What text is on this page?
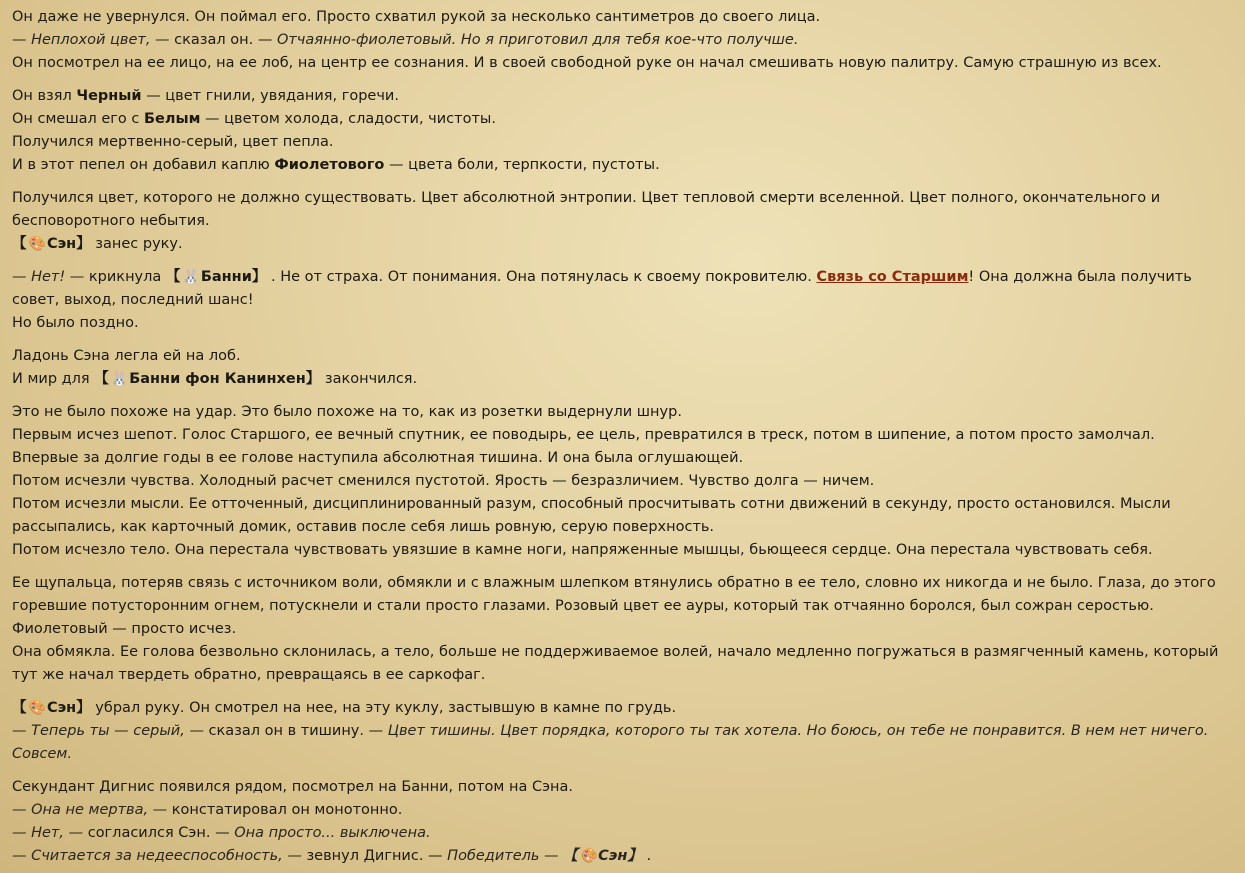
Он даже не увернулся. Он поймал его. Просто схватил рукой за несколько сантиметров до своего лица.
— Неплохой цвет, — сказал он. — Отчаянно-фиолетовый. Но я приготовил для тебя кое-что получше.
Он посмотрел на ее лицо, на ее лоб, на центр ее сознания. И в своей свободной руке он начал смешивать новую палитру. Самую страшную из всех.

Он взял Черный — цвет гнили, увядания, горечи.
Он смешал его с Белым — цветом холода, сладости, чистоты.
Получился мертвенно-серый, цвет пепла.
И в этот пепел он добавил каплю Фиолетового — цвета боли, терпкости, пустоты.

Получился цвет, которого не должно существовать. Цвет абсолютной энтропии. Цвет тепловой смерти вселенной. Цвет полного, окончательного и бесповоротного небытия.
【 🎨Сэн】 занес руку.

— Нет! — крикнула 【 🐰Банни】 . Не от страха. От понимания. Она потянулась к своему покровителю. Связь со Старшим! Она должна была получить совет, выход, последний шанс!
Но было поздно.

Ладонь Сэна легла ей на лоб.
И мир для 【 🐰Банни фон Канинхен】 закончился.

Это не было похоже на удар. Это было похоже на то, как из розетки выдернули шнур.
Первым исчез шепот. Голос Старшого, ее вечный спутник, ее поводырь, ее цель, превратился в треск, потом в шипение, а потом просто замолчал. Впервые за долгие годы в ее голове наступила абсолютная тишина. И она была оглушающей.
Потом исчезли чувства. Холодный расчет сменился пустотой. Ярость — безразличием. Чувство долга — ничем.
Потом исчезли мысли. Ее отточенный, дисциплинированный разум, способный просчитывать сотни движений в секунду, просто остановился. Мысли рассыпались, как карточный домик, оставив после себя лишь ровную, серую поверхность.
Потом исчезло тело. Она перестала чувствовать увязшие в камне ноги, напряженные мышцы, бьющееся сердце. Она перестала чувствовать себя.

Ее щупальца, потеряв связь с источником воли, обмякли и с влажным шлепком втянулись обратно в ее тело, словно их никогда и не было. Глаза, до этого горевшие потусторонним огнем, потускнели и стали просто глазами. Розовый цвет ее ауры, который так отчаянно боролся, был сожран серостью. Фиолетовый — просто исчез.
Она обмякла. Ее голова безвольно склонилась, а тело, больше не поддерживаемое волей, начало медленно погружаться в размягченный камень, который тут же начал твердеть обратно, превращаясь в ее саркофаг.

【 🎨Сэн】 убрал руку. Он смотрел на нее, на эту куклу, застывшую в камне по грудь.
— Теперь ты — серый, — сказал он в тишину. — Цвет тишины. Цвет порядка, которого ты так хотела. Но боюсь, он тебе не понравится. В нем нет ничего. Совсем.

Секундант Дигнис появился рядом, посмотрел на Банни, потом на Сэна.
— Она не мертва, — констатировал он монотонно.
— Нет, — согласился Сэн. — Она просто... выключена.
— Считается за недееспособность, — зевнул Дигнис. — Победитель — 【 🎨Сэн】 .
